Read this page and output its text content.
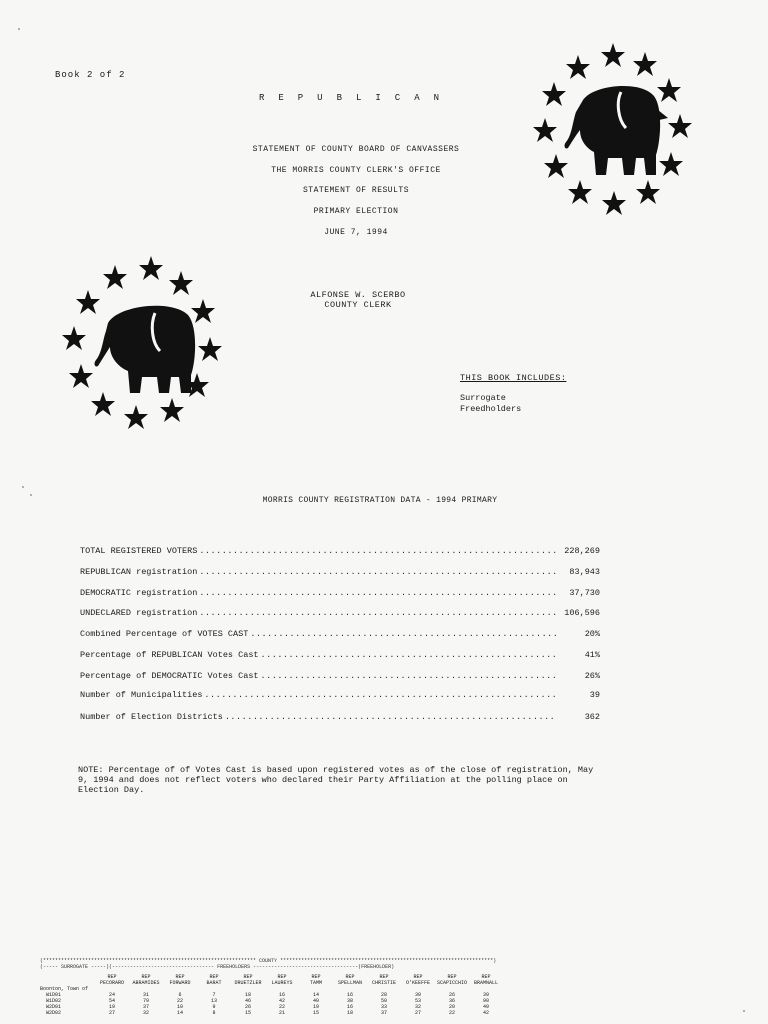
Book 2 of 2
REPUBLICAN
STATEMENT OF COUNTY BOARD OF CANVASSERS
THE MORRIS COUNTY CLERK'S OFFICE
STATEMENT OF RESULTS
PRIMARY ELECTION
JUNE 7, 1994
ALFONSE W. SCERBO
COUNTY CLERK
THIS BOOK INCLUDES:
Surrogate
Freedholders
MORRIS COUNTY REGISTRATION DATA - 1994 PRIMARY
TOTAL REGISTERED VOTERS .....	228,269
REPUBLICAN registration .....	83,943
DEMOCRATIC registration .....	37,730
UNDECLARED registration .....	106,596
Combined Percentage of VOTES CAST .....	20%
Percentage of REPUBLICAN Votes Cast .....	41%
Percentage of DEMOCRATIC Votes Cast .....	26%
Number of Municipalities .....	39
Number of Election Districts .....	362
NOTE: Percentage of of Votes Cast is based upon registered votes as of the close of registration, May 9, 1994 and does not reflect voters who declared their Party Affiliation at the polling place on Election Day.
(*********************************************************************** COUNTY ***********************************************************************)
(----- SURROGATE -----)(---------------------------------- FREEHOLDERS -----------------------------------(FREEHOLDER)
REP	REP	REP	REP	REP	REP	REP	REP	REP	REP	REP	REP
PECORARO	ABRAMIDES	FORWARD	BARAT	DRUETZLER	LAUREYS	TAMM	SPELLMAN	CHRISTIE	O'KEEFFE	SCAPICCHIO	BRAMNALL
Boonton, Town of
W1D01	24	31	6	7	18	16	14	16	28	30	26	39
W1D02	54	79	22	13	46	42	40	38	50	53	36	90
W2D01	19	37	10	9	26	22	19	16	33	32	20	49
W2D02	27	32	14	8	15	21	15	18	37	27	22	42
